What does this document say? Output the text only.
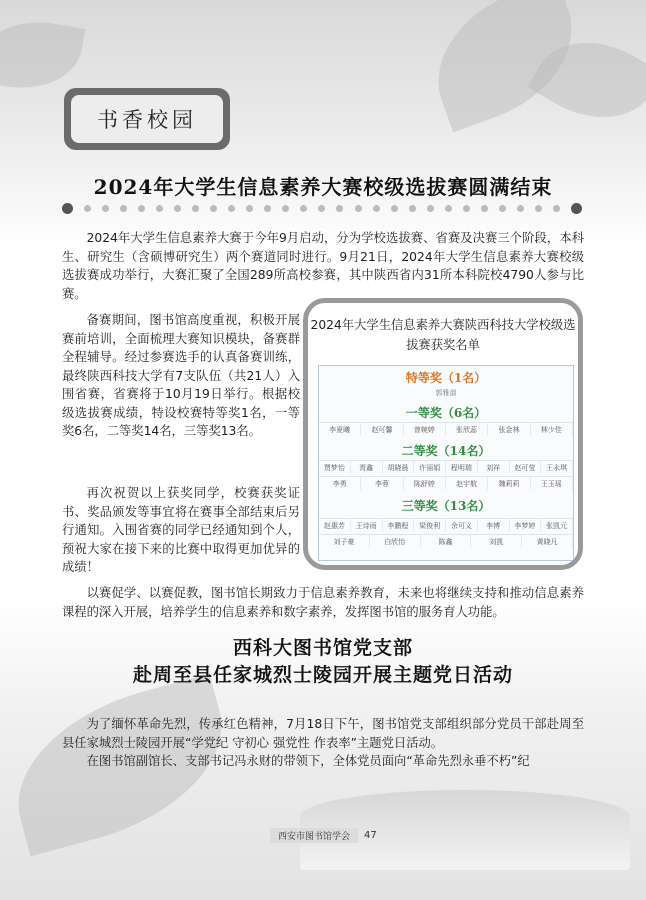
书香校园
2024年大学生信息素养大赛校级选拔赛圆满结束

2024年大学生信息素养大赛于今年9月启动，分为学校选拔赛、省赛及决赛三个阶段，本科生、研究生（含硕博研究生）两个赛道同时进行。9月21日，2024年大学生信息素养大赛校级选拔赛成功举行，大赛汇聚了全国289所高校参赛，其中陕西省内31所本科院校4790人参与比赛。

备赛期间，图书馆高度重视，积极开展赛前培训，全面梳理大赛知识模块，备赛群全程辅导。经过参赛选手的认真备赛训练，最终陕西科技大学有7支队伍（共21人）入围省赛，省赛将于10月19日举行。根据校级选拔赛成绩，特设校赛特等奖1名，一等奖6名，二等奖14名，三等奖13名。

再次祝贺以上获奖同学，校赛获奖证书、奖品颁发等事宜将在赛事全部结束后另行通知。入围省赛的同学已经通知到个人，预祝大家在接下来的比赛中取得更加优异的成绩！

2024年大学生信息素养大赛陕西科技大学校级选拔赛获奖名单
特等奖（1名）
郭雅淑
一等奖（6名）
李夏曦	赵可馨	曾婉婷	张欣蕊	张金林	林少佳
二等奖（14名）
贾梦怡	胥鑫	胡晓晨	许丽娟	程明瑞	刘祥	赵可莹	王永琪
李勇	李蓉	陈舒婷	赵宇航	魏莉莉	王玉瑶
三等奖（13名）
赵惠芳	王诗雨	李鹏程	梁俊利	余可义	李博	李梦婷	张凯元
刘子豪	白欣怡	陈鑫	刘凯	黄晓凡

以赛促学、以赛促教，图书馆长期致力于信息素养教育，未来也将继续支持和推动信息素养课程的深入开展，培养学生的信息素养和数字素养，发挥图书馆的服务育人功能。

西科大图书馆党支部
赴周至县任家城烈士陵园开展主题党日活动

为了缅怀革命先烈，传承红色精神，7月18日下午，图书馆党支部组织部分党员干部赴周至县任家城烈士陵园开展“学党纪 守初心 强党性 作表率”主题党日活动。

在图书馆副馆长、支部书记冯永财的带领下，全体党员面向“革命先烈永垂不朽”纪

西安市图书馆学会	47
